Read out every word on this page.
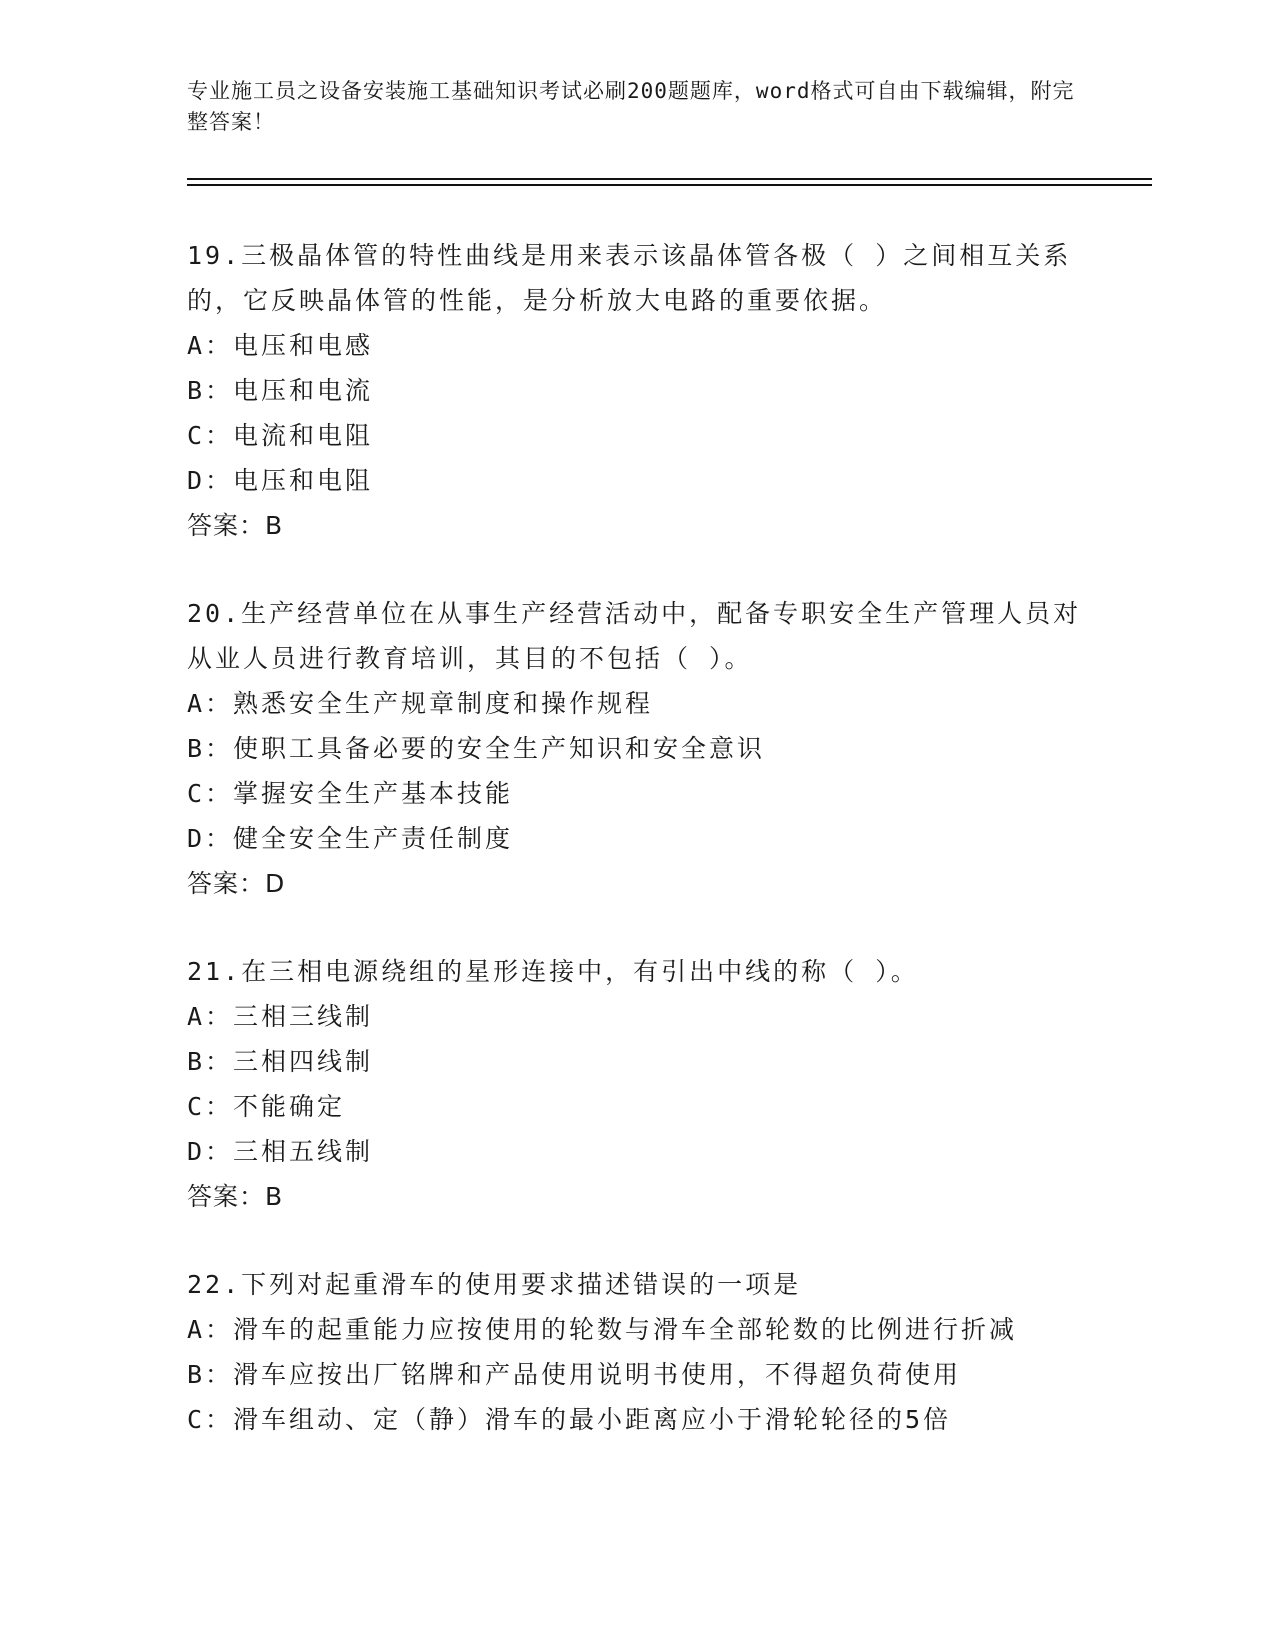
专业施工员之设备安装施工基础知识考试必刷200题题库，word格式可自由下载编辑，附完整答案！
19.三极晶体管的特性曲线是用来表示该晶体管各极（ ）之间相互关系的，它反映晶体管的性能，是分析放大电路的重要依据。
A：电压和电感
B：电压和电流
C：电流和电阻
D：电压和电阻
答案：B
20.生产经营单位在从事生产经营活动中，配备专职安全生产管理人员对从业人员进行教育培训，其目的不包括（ ）。
A：熟悉安全生产规章制度和操作规程
B：使职工具备必要的安全生产知识和安全意识
C：掌握安全生产基本技能
D：健全安全生产责任制度
答案：D
21.在三相电源绕组的星形连接中，有引出中线的称（ ）。
A：三相三线制
B：三相四线制
C：不能确定
D：三相五线制
答案：B
22.下列对起重滑车的使用要求描述错误的一项是
A：滑车的起重能力应按使用的轮数与滑车全部轮数的比例进行折减
B：滑车应按出厂铭牌和产品使用说明书使用，不得超负荷使用
C：滑车组动、定（静）滑车的最小距离应小于滑轮轮径的5倍
